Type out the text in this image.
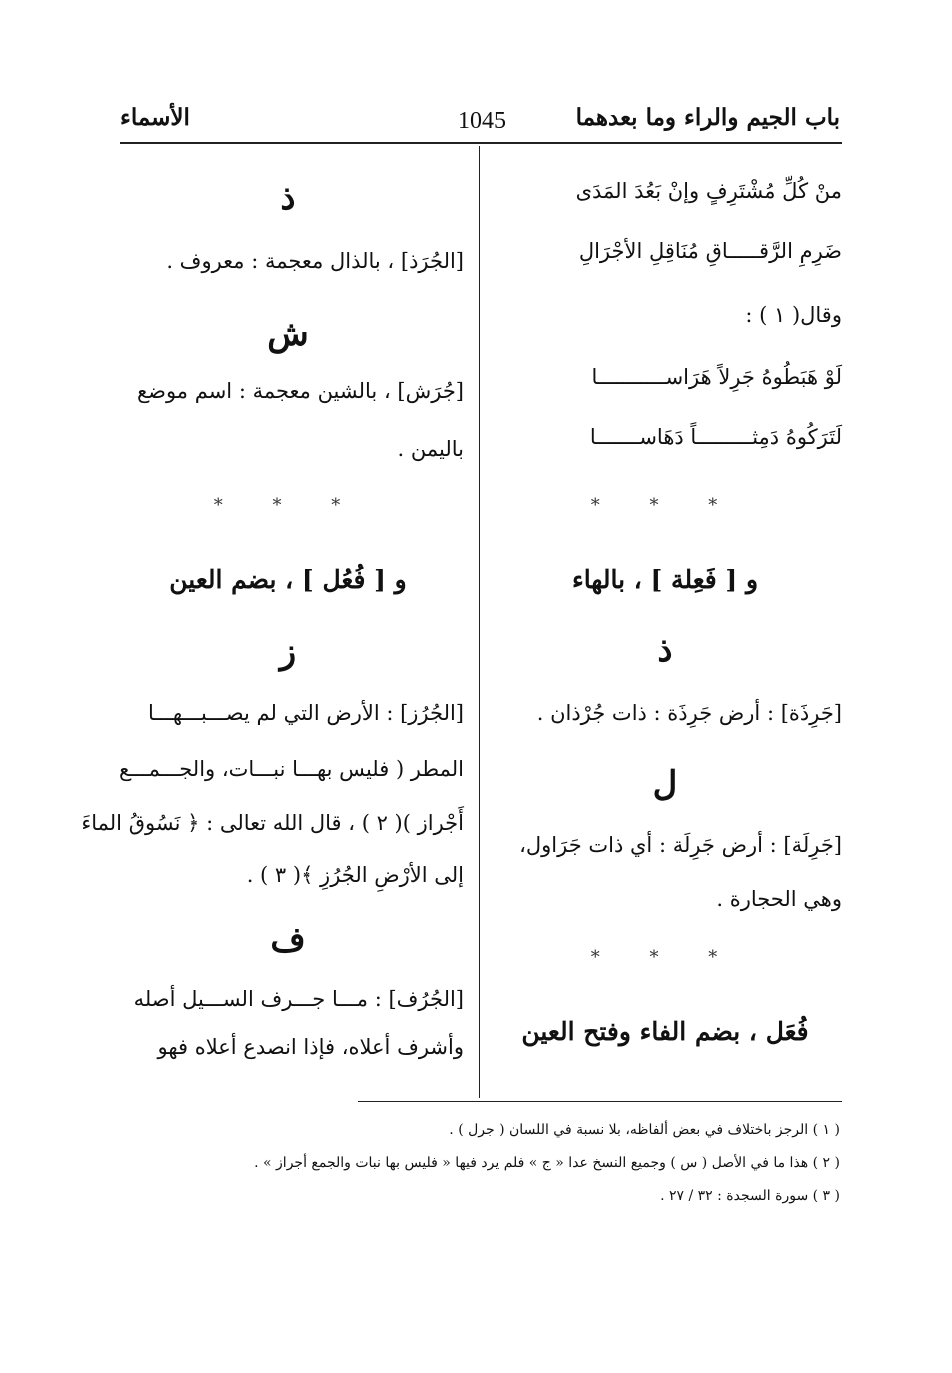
باب الجيم والراء وما بعدهما
1045
الأسماء
منْ كُلِّ مُشْتَرِفٍ وإنْ بَعُدَ المَدَى
ضَرِمِ الرَّقـــــاقِ مُنَاقِلِ الأجْرَالِ
وقال( ١ ) :
لَوْ هَبَطُوهُ جَرِلاً هَرَاســـــــــــا
لَتَرَكُوهُ دَمِثـــــــــاً دَهَاســـــــا
* * *
و [ فَعِلة ] ، بالهاء
ذ
[جَرِذَة] : أرض جَرِذَة : ذات جُرْذان .
ل
[جَرِلَة] : أرض جَرِلَة : أي ذات جَرَاول،
وهي الحجارة .
* * *
فُعَل ، بضم الفاء وفتح العين
ذ
[الجُرَذ] ، بالذال معجمة : معروف .
ش
[جُرَش] ، بالشين معجمة : اسم موضع
باليمن .
* * *
و [ فُعُل ] ، بضم العين
ز
[الجُرُز] : الأرض التي لم يصـــبـــهـــا
المطر ( فليس بهـــا نبـــات، والجـــمـــع
أَجْراز )( ٢ ) ، قال الله تعالى : ﴿ نَسُوقُ الماءَ
إلى الأرْضِ الجُرُزِ ﴾( ٣ ) .
ف
[الجُرُف] : مـــا جـــرف الســـيل أصله
وأشرف أعلاه، فإذا انصدع أعلاه فهو
( ١ ) الرجز باختلاف في بعض ألفاظه، بلا نسبة في اللسان ( جرل ) .
( ٢ ) هذا ما في الأصل ( س ) وجميع النسخ عدا « ج » فلم يرد فيها « فليس بها نبات والجمع أجراز » .
( ٣ ) سورة السجدة : ٣٢ / ٢٧ .
